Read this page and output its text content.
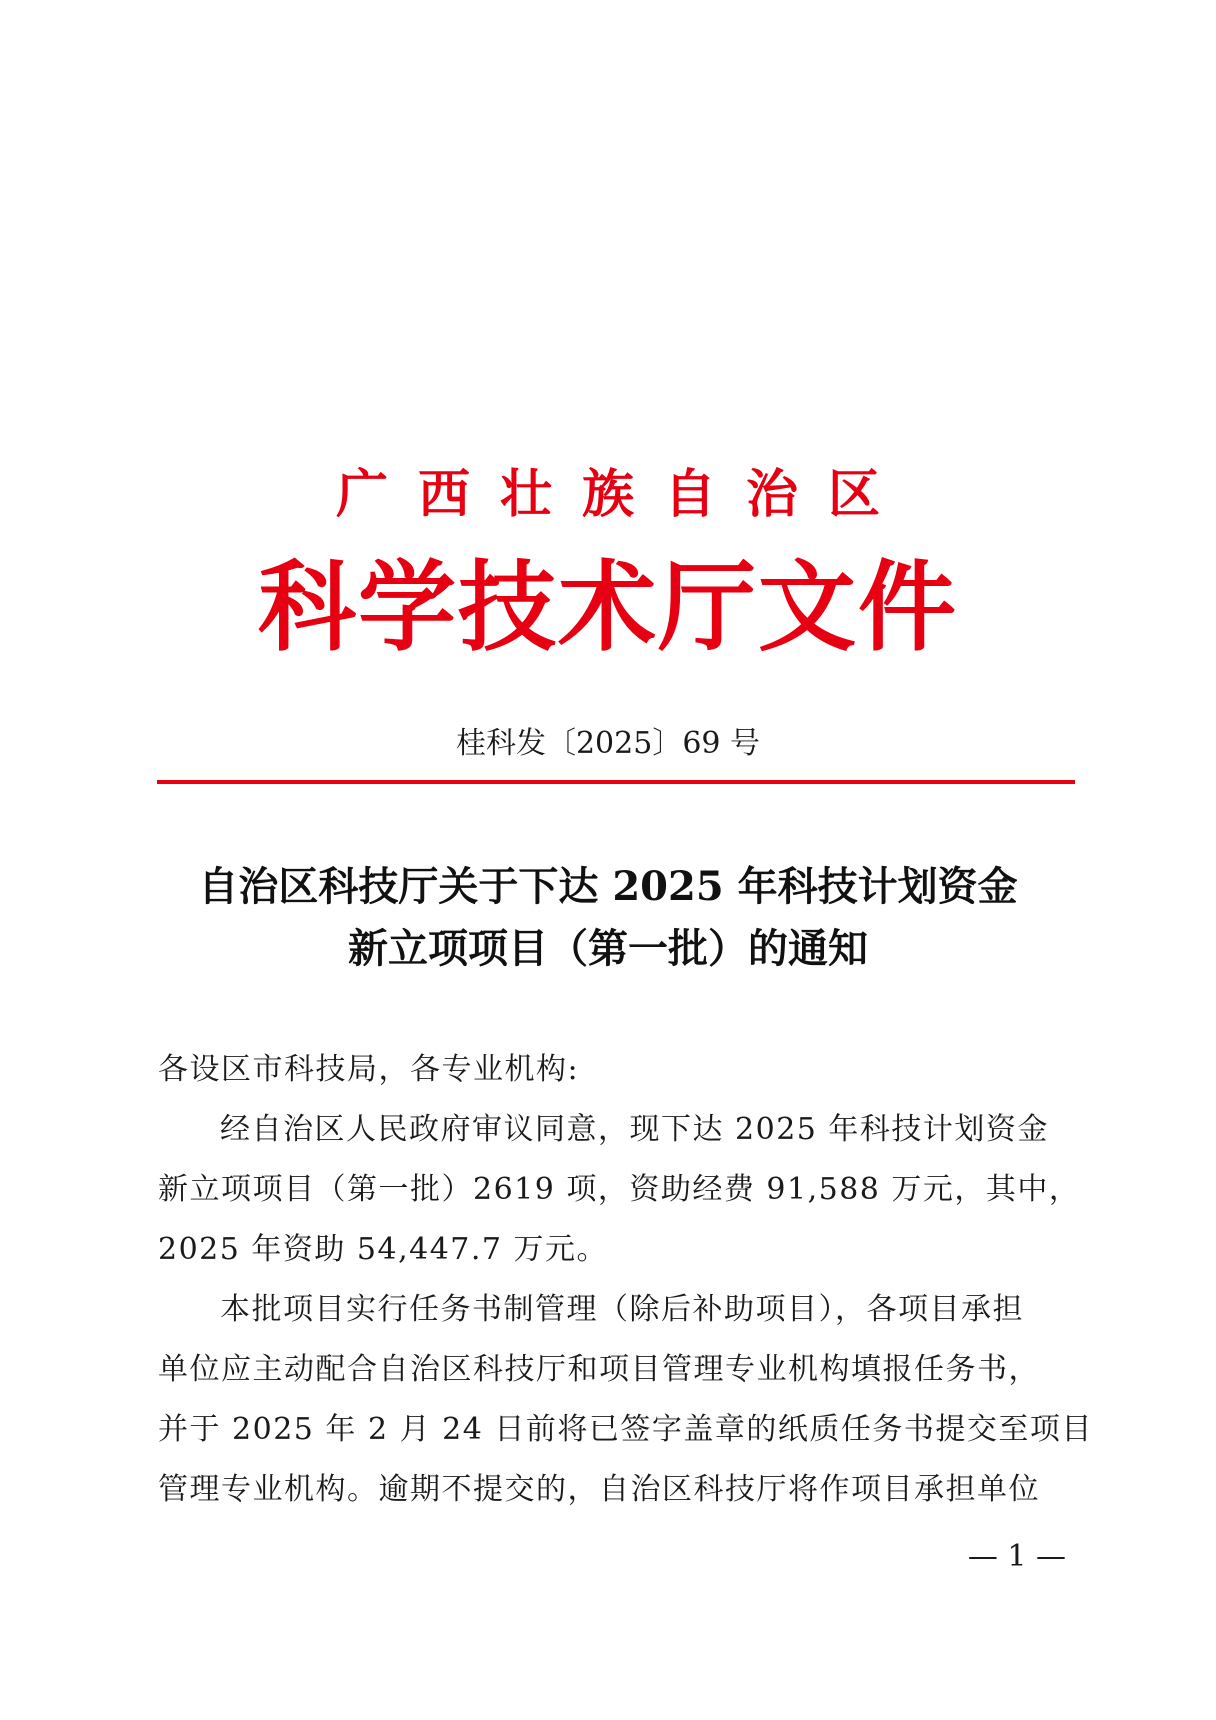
广西壮族自治区
科学技术厅文件
桂科发〔2025〕69 号
自治区科技厅关于下达 2025 年科技计划资金
新立项项目（第一批）的通知
各设区市科技局，各专业机构:
经自治区人民政府审议同意，现下达 2025 年科技计划资金
新立项项目（第一批）2619 项，资助经费 91,588 万元，其中，
2025 年资助 54,447.7 万元。
本批项目实行任务书制管理（除后补助项目），各项目承担
单位应主动配合自治区科技厅和项目管理专业机构填报任务书，
并于 2025 年 2 月 24 日前将已签字盖章的纸质任务书提交至项目
管理专业机构。逾期不提交的，自治区科技厅将作项目承担单位
— 1 —
